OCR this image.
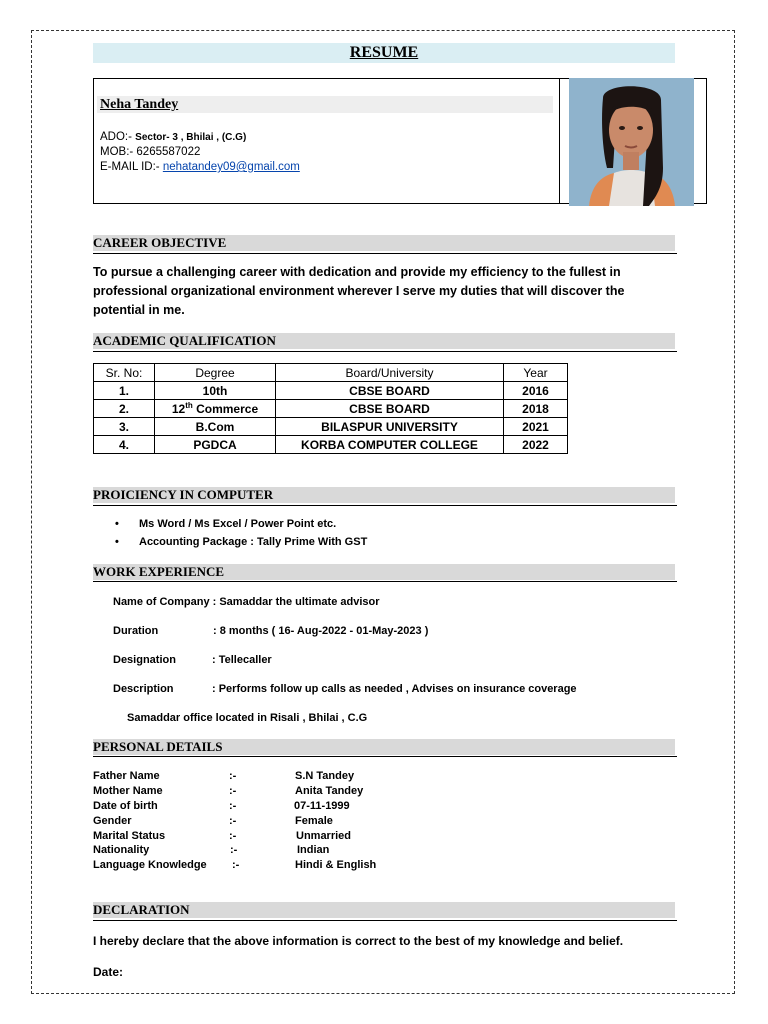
RESUME
Neha Tandey
ADO:- Sector- 3 , Bhilai , (C.G)
MOB:- 6265587022
E-MAIL ID:- nehatandey09@gmail.com
CAREER OBJECTIVE
To pursue a challenging career with dedication and provide my efficiency to the fullest in
professional organizational environment wherever I serve my duties that will discover the
potential in me.
ACADEMIC QUALIFICATION
Sr. No:	Degree	Board/University	Year
1.	10th	CBSE BOARD	2016
2.	12th Commerce	CBSE BOARD	2018
3.	B.Com	BILASPUR UNIVERSITY	2021
4.	PGDCA	KORBA COMPUTER COLLEGE	2022
PROICIENCY IN COMPUTER
• Ms Word / Ms Excel / Power Point etc.
• Accounting Package : Tally Prime With GST
WORK EXPERIENCE
Name of Company : Samaddar the ultimate advisor
Duration	: 8 months ( 16- Aug-2022 - 01-May-2023 )
Designation	: Tellecaller
Description	: Performs follow up calls as needed , Advises on insurance coverage
Samaddar office located in Risali , Bhilai , C.G
PERSONAL DETAILS
Father Name	:-	S.N Tandey
Mother Name	:-	Anita Tandey
Date of birth	:-	07-11-1999
Gender	:-	Female
Marital Status	:-	Unmarried
Nationality	:-	Indian
Language Knowledge :-	Hindi & English
DECLARATION
I hereby declare that the above information is correct to the best of my knowledge and belief.
Date:
